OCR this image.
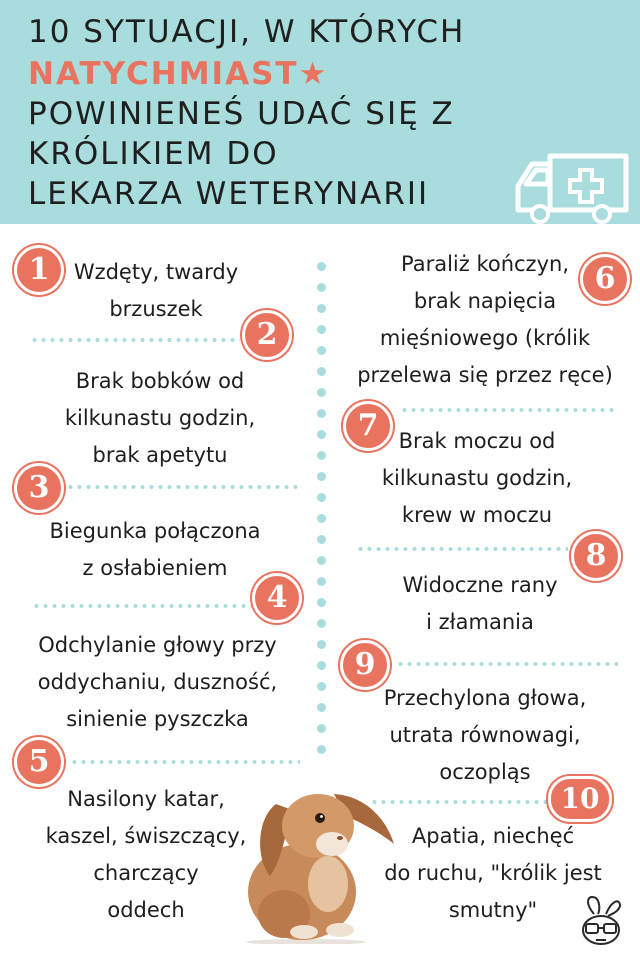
10 SYTUACJI, W KTÓRYCH
NATYCHMIAST★
POWINIENEŚ UDAĆ SIĘ Z
KRÓLIKIEM DO
LEKARZA WETERYNARII
1
2
3
4
5
6
7
8
9
10
Wzdęty, twardy
brzuszek
Brak bobków od
kilkunastu godzin,
brak apetytu
Biegunka połączona
z osłabieniem
Odchylanie głowy przy
oddychaniu, duszność,
sinienie pyszczka
Nasilony katar,
kaszel, świszczący,
charczący
oddech
Paraliż kończyn,
brak napięcia
mięśniowego (królik
przelewa się przez ręce)
Brak moczu od
kilkunastu godzin,
krew w moczu
Widoczne rany
i złamania
Przechylona głowa,
utrata równowagi,
oczopląs
Apatia, niechęć
do ruchu, "królik jest
smutny"
